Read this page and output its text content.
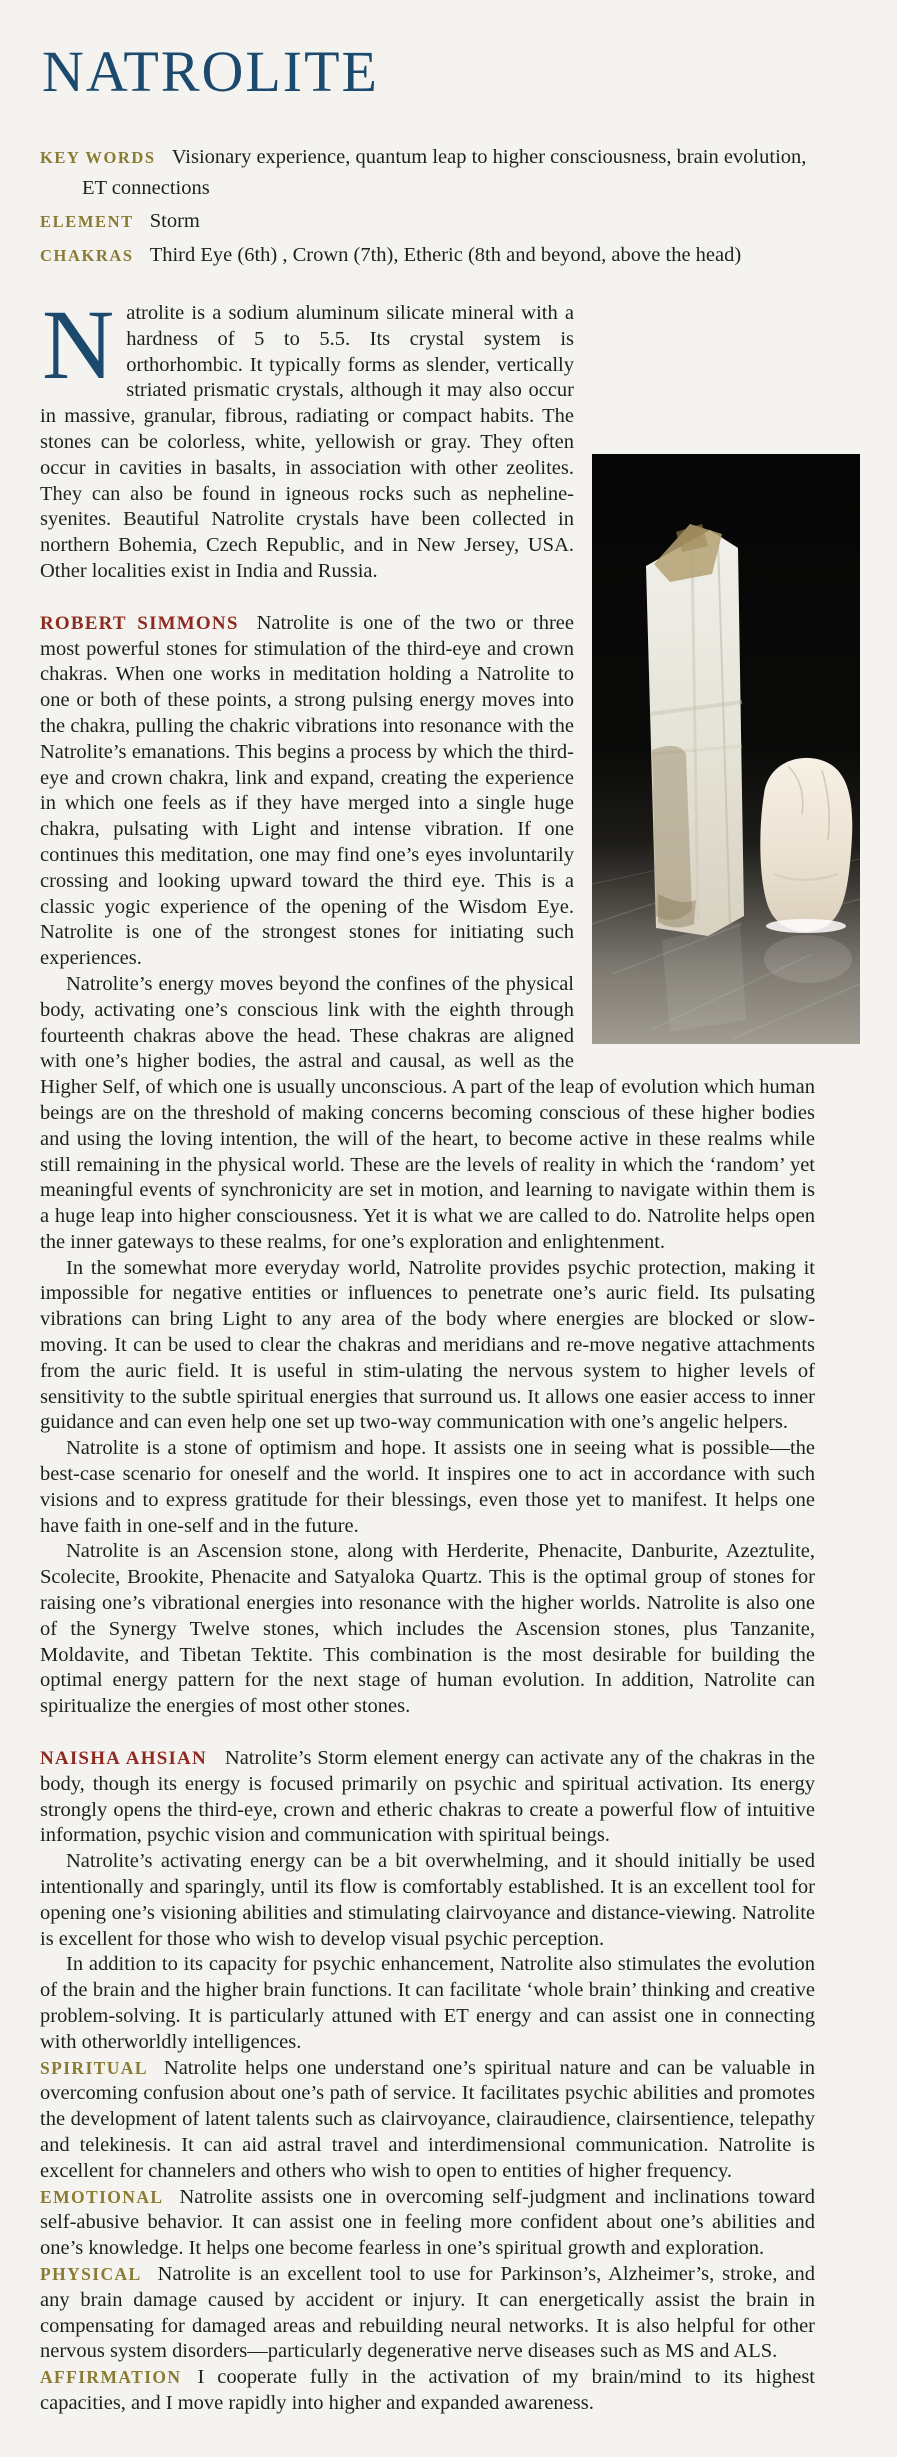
NATROLITE

KEY WORDS Visionary experience, quantum leap to higher consciousness, brain evolution, ET connections

ELEMENT Storm

CHAKRAS Third Eye (6th) , Crown (7th), Etheric (8th and beyond, above the head)

Natrolite is a sodium aluminum silicate mineral with a hardness of 5 to 5.5. Its crystal system is orthorhombic. It typically forms as slender, vertically striated prismatic crystals, although it may also occur in massive, granular, fibrous, radiating or compact habits. The stones can be colorless, white, yellowish or gray. They often occur in cavities in basalts, in association with other zeolites. They can also be found in igneous rocks such as nepheline-syenites. Beautiful Natrolite crystals have been collected in northern Bohemia, Czech Republic, and in New Jersey, USA. Other localities exist in India and Russia.

ROBERT SIMMONS Natrolite is one of the two or three most powerful stones for stimulation of the third-eye and crown chakras. When one works in meditation holding a Natrolite to one or both of these points, a strong pulsing energy moves into the chakra, pulling the chakric vibrations into resonance with the Natrolite’s emanations. This begins a process by which the third-eye and crown chakra, link and expand, creating the experience in which one feels as if they have merged into a single huge chakra, pulsating with Light and intense vibration. If one continues this meditation, one may find one’s eyes involuntarily crossing and looking upward toward the third eye. This is a classic yogic experience of the opening of the Wisdom Eye. Natrolite is one of the strongest stones for initiating such experiences.

Natrolite’s energy moves beyond the confines of the physical body, activating one’s conscious link with the eighth through fourteenth chakras above the head. These chakras are aligned with one’s higher bodies, the astral and causal, as well as the Higher Self, of which one is usually unconscious. A part of the leap of evolution which human beings are on the threshold of making concerns becoming conscious of these higher bodies and using the loving intention, the will of the heart, to become active in these realms while still remaining in the physical world. These are the levels of reality in which the ‘random’ yet meaningful events of synchronicity are set in motion, and learning to navigate within them is a huge leap into higher consciousness. Yet it is what we are called to do. Natrolite helps open the inner gateways to these realms, for one’s exploration and enlightenment.

In the somewhat more everyday world, Natrolite provides psychic protection, making it impossible for negative entities or influences to penetrate one’s auric field. Its pulsating vibrations can bring Light to any area of the body where energies are blocked or slow-moving. It can be used to clear the chakras and meridians and re-move negative attachments from the auric field. It is useful in stim-ulating the nervous system to higher levels of sensitivity to the subtle spiritual energies that surround us. It allows one easier access to inner guidance and can even help one set up two-way communication with one’s angelic helpers.

Natrolite is a stone of optimism and hope. It assists one in seeing what is possible—the best-case scenario for oneself and the world. It inspires one to act in accordance with such visions and to express gratitude for their blessings, even those yet to manifest. It helps one have faith in one-self and in the future.

Natrolite is an Ascension stone, along with Herderite, Phenacite, Danburite, Azeztulite, Scolecite, Brookite, Phenacite and Satyaloka Quartz. This is the optimal group of stones for raising one’s vibrational energies into resonance with the higher worlds. Natrolite is also one of the Synergy Twelve stones, which includes the Ascension stones, plus Tanzanite, Moldavite, and Tibetan Tektite. This combination is the most desirable for building the optimal energy pattern for the next stage of human evolution. In addition, Natrolite can spiritualize the energies of most other stones.

NAISHA AHSIAN Natrolite’s Storm element energy can activate any of the chakras in the body, though its energy is focused primarily on psychic and spiritual activation. Its energy strongly opens the third-eye, crown and etheric chakras to create a powerful flow of intuitive information, psychic vision and communication with spiritual beings.

Natrolite’s activating energy can be a bit overwhelming, and it should initially be used intentionally and sparingly, until its flow is comfortably established. It is an excellent tool for opening one’s visioning abilities and stimulating clairvoyance and distance-viewing. Natrolite is excellent for those who wish to develop visual psychic perception.

In addition to its capacity for psychic enhancement, Natrolite also stimulates the evolution of the brain and the higher brain functions. It can facilitate ‘whole brain’ thinking and creative problem-solving. It is particularly attuned with ET energy and can assist one in connecting with otherworldly intelligences.

SPIRITUAL Natrolite helps one understand one’s spiritual nature and can be valuable in overcoming confusion about one’s path of service. It facilitates psychic abilities and promotes the development of latent talents such as clairvoyance, clairaudience, clairsentience, telepathy and telekinesis. It can aid astral travel and interdimensional communication. Natrolite is excellent for channelers and others who wish to open to entities of higher frequency.

EMOTIONAL Natrolite assists one in overcoming self-judgment and inclinations toward self-abusive behavior. It can assist one in feeling more confident about one’s abilities and one’s knowledge. It helps one become fearless in one’s spiritual growth and exploration.

PHYSICAL Natrolite is an excellent tool to use for Parkinson’s, Alzheimer’s, stroke, and any brain damage caused by accident or injury. It can energetically assist the brain in compensating for damaged areas and rebuilding neural networks. It is also helpful for other nervous system disorders—particularly degenerative nerve diseases such as MS and ALS.

AFFIRMATION I cooperate fully in the activation of my brain/mind to its highest capacities, and I move rapidly into higher and expanded awareness.
